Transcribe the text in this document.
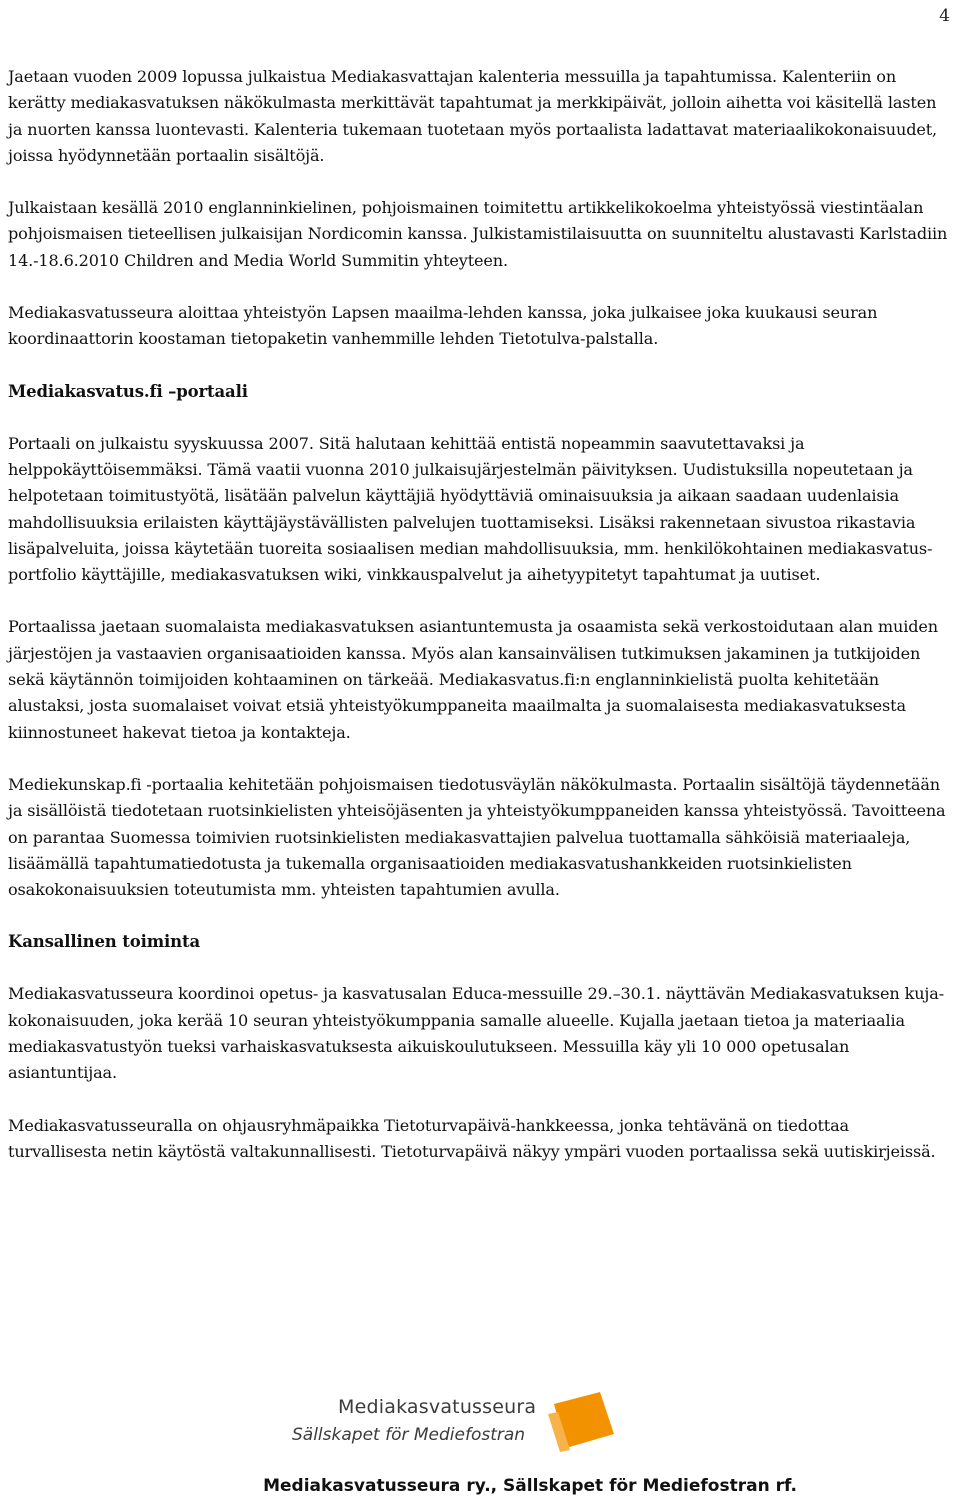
4

Jaetaan vuoden 2009 lopussa julkaistua Mediakasvattajan kalenteria messuilla ja tapahtumissa. Kalenteriin on kerätty mediakasvatuksen näkökulmasta merkittävät tapahtumat ja merkkipäivät, jolloin aihetta voi käsitellä lasten ja nuorten kanssa luontevasti. Kalenteria tukemaan tuotetaan myös portaalista ladattavat materiaalikokonaisuudet, joissa hyödynnetään portaalin sisältöjä.

Julkaistaan kesällä 2010 englanninkielinen, pohjoismainen toimitettu artikkelikokoelma yhteistyössä viestintäalan pohjoismaisen tieteellisen julkaisijan Nordicomin kanssa. Julkistamistilaisuutta on suunniteltu alustavasti Karlstadiin 14.-18.6.2010 Children and Media World Summitin yhteyteen.

Mediakasvatusseura aloittaa yhteistyön Lapsen maailma-lehden kanssa, joka julkaisee joka kuukausi seuran koordinaattorin koostaman tietopaketin vanhemmille lehden Tietotulva-palstalla.

Mediakasvatus.fi –portaali

Portaali on julkaistu syyskuussa 2007. Sitä halutaan kehittää entistä nopeammin saavutettavaksi ja helppokäyttöisemmäksi. Tämä vaatii vuonna 2010 julkaisujärjestelmän päivityksen. Uudistuksilla nopeutetaan ja helpotetaan toimitustyötä, lisätään palvelun käyttäjiä hyödyttäviä ominaisuuksia ja aikaan saadaan uudenlaisia mahdollisuuksia erilaisten käyttäjäystävällisten palvelujen tuottamiseksi. Lisäksi rakennetaan sivustoa rikastavia lisäpalveluita, joissa käytetään tuoreita sosiaalisen median mahdollisuuksia, mm. henkilökohtainen mediakasvatus-portfolio käyttäjille, mediakasvatuksen wiki, vinkkauspalvelut ja aihetyypitetyt tapahtumat ja uutiset.

Portaalissa jaetaan suomalaista mediakasvatuksen asiantuntemusta ja osaamista sekä verkostoidutaan alan muiden järjestöjen ja vastaavien organisaatioiden kanssa. Myös alan kansainvälisen tutkimuksen jakaminen ja tutkijoiden sekä käytännön toimijoiden kohtaaminen on tärkeää. Mediakasvatus.fi:n englanninkielistä puolta kehitetään alustaksi, josta suomalaiset voivat etsiä yhteistyökumppaneita maailmalta ja suomalaisesta mediakasvatuksesta kiinnostuneet hakevat tietoa ja kontakteja.

Mediekunskap.fi -portaalia kehitetään pohjoismaisen tiedotusväylän näkökulmasta. Portaalin sisältöjä täydennetään ja sisällöistä tiedotetaan ruotsinkielisten yhteisöjäsenten ja yhteistyökumppaneiden kanssa yhteistyössä. Tavoitteena on parantaa Suomessa toimivien ruotsinkielisten mediakasvattajien palvelua tuottamalla sähköisiä materiaaleja, lisäämällä tapahtumatiedotusta ja tukemalla organisaatioiden mediakasvatushankkeiden ruotsinkielisten osakokonaisuuksien toteutumista mm. yhteisten tapahtumien avulla.

Kansallinen toiminta

Mediakasvatusseura koordinoi opetus- ja kasvatusalan Educa-messuille 29.–30.1. näyttävän Mediakasvatuksen kuja-kokonaisuuden, joka kerää 10 seuran yhteistyökumppania samalle alueelle. Kujalla jaetaan tietoa ja materiaalia mediakasvatustyön tueksi varhaiskasvatuksesta aikuiskoulutukseen. Messuilla käy yli 10 000 opetusalan asiantuntijaa.

Mediakasvatusseuralla on ohjausryhmäpaikka Tietoturvapäivä-hankkeessa, jonka tehtävänä on tiedottaa turvallisesta netin käytöstä valtakunnallisesti. Tietoturvapäivä näkyy ympäri vuoden portaalissa sekä uutiskirjeissä.

Mediakasvatusseura
Sällskapet för Mediefostran
Mediakasvatusseura ry., Sällskapet för Mediefostran rf.
